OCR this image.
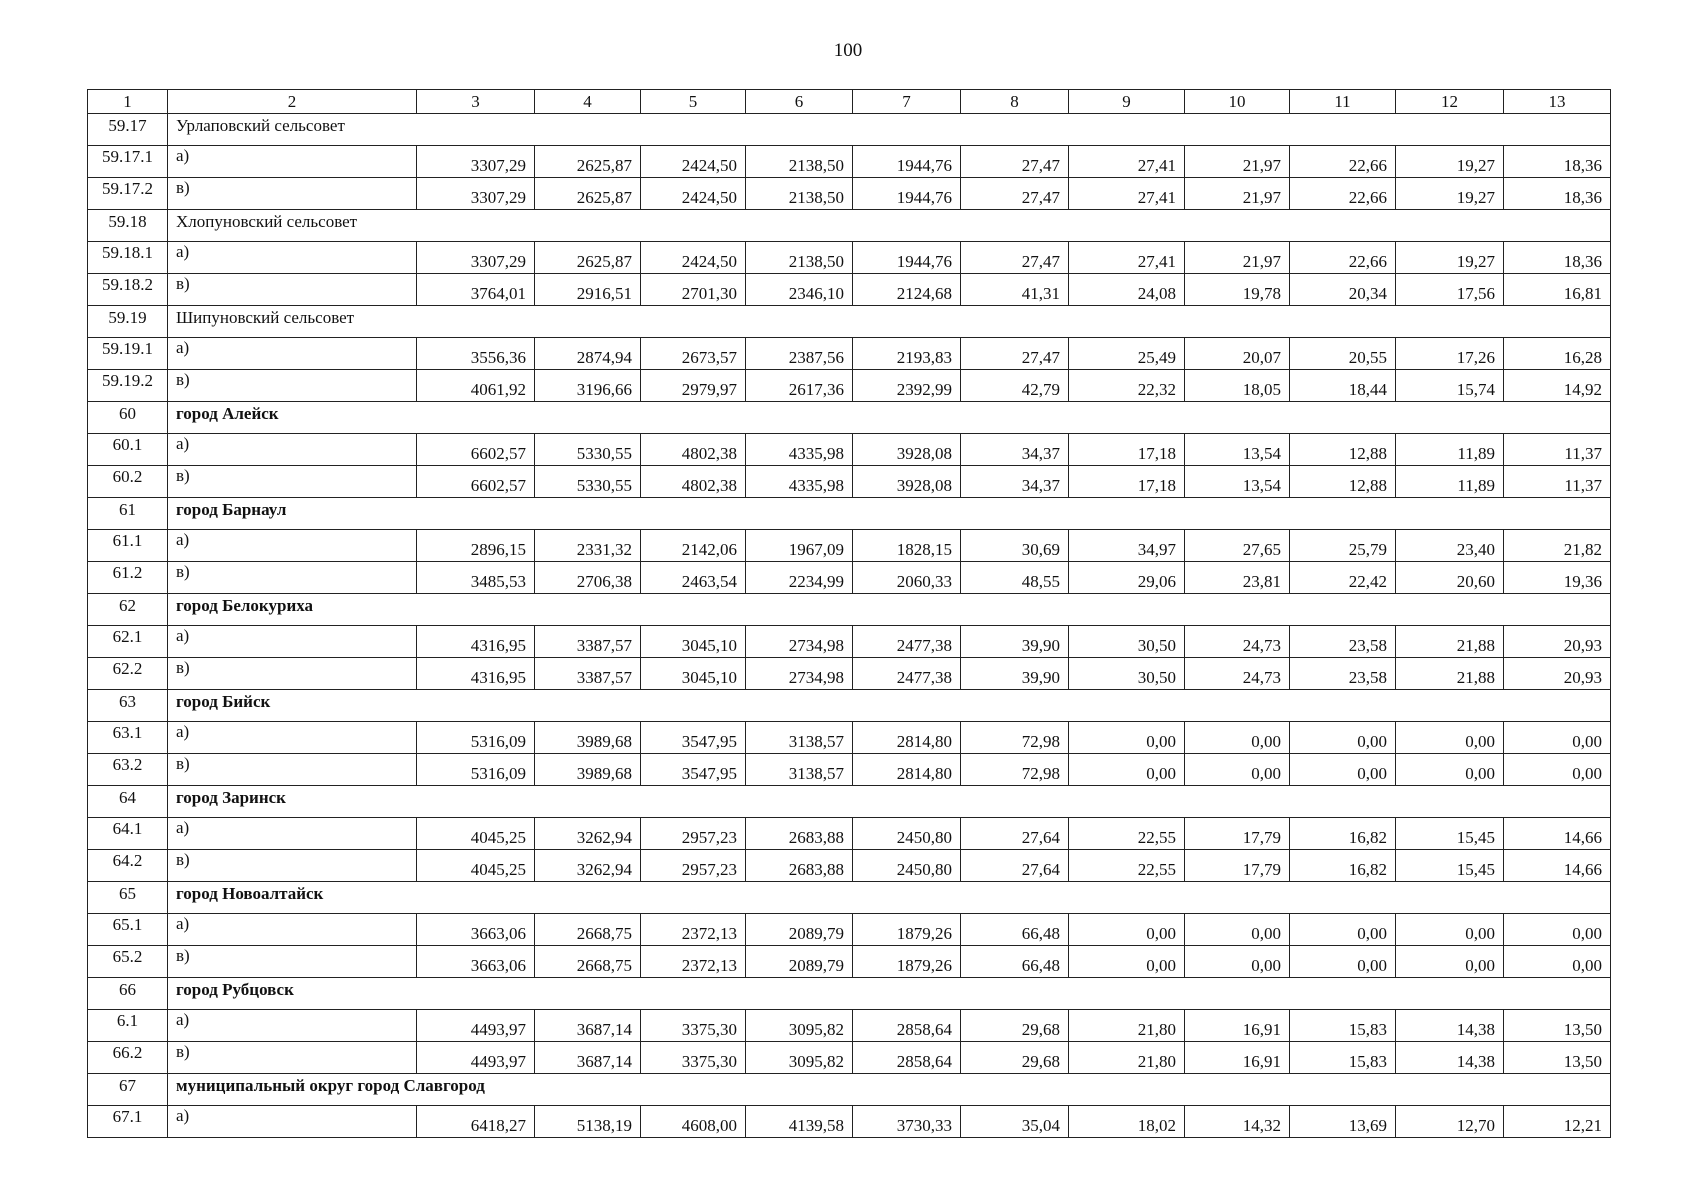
100
1	2	3	4	5	6	7	8	9	10	11	12	13
59.17	Урлаповский сельсовет											
59.17.1	а)	3307,29	2625,87	2424,50	2138,50	1944,76	27,47	27,41	21,97	22,66	19,27	18,36
59.17.2	в)	3307,29	2625,87	2424,50	2138,50	1944,76	27,47	27,41	21,97	22,66	19,27	18,36
59.18	Хлопуновский сельсовет											
59.18.1	а)	3307,29	2625,87	2424,50	2138,50	1944,76	27,47	27,41	21,97	22,66	19,27	18,36
59.18.2	в)	3764,01	2916,51	2701,30	2346,10	2124,68	41,31	24,08	19,78	20,34	17,56	16,81
59.19	Шипуновский сельсовет											
59.19.1	а)	3556,36	2874,94	2673,57	2387,56	2193,83	27,47	25,49	20,07	20,55	17,26	16,28
59.19.2	в)	4061,92	3196,66	2979,97	2617,36	2392,99	42,79	22,32	18,05	18,44	15,74	14,92
60	город Алейск											
60.1	а)	6602,57	5330,55	4802,38	4335,98	3928,08	34,37	17,18	13,54	12,88	11,89	11,37
60.2	в)	6602,57	5330,55	4802,38	4335,98	3928,08	34,37	17,18	13,54	12,88	11,89	11,37
61	город Барнаул											
61.1	а)	2896,15	2331,32	2142,06	1967,09	1828,15	30,69	34,97	27,65	25,79	23,40	21,82
61.2	в)	3485,53	2706,38	2463,54	2234,99	2060,33	48,55	29,06	23,81	22,42	20,60	19,36
62	город Белокуриха											
62.1	а)	4316,95	3387,57	3045,10	2734,98	2477,38	39,90	30,50	24,73	23,58	21,88	20,93
62.2	в)	4316,95	3387,57	3045,10	2734,98	2477,38	39,90	30,50	24,73	23,58	21,88	20,93
63	город Бийск											
63.1	а)	5316,09	3989,68	3547,95	3138,57	2814,80	72,98	0,00	0,00	0,00	0,00	0,00
63.2	в)	5316,09	3989,68	3547,95	3138,57	2814,80	72,98	0,00	0,00	0,00	0,00	0,00
64	город Заринск											
64.1	а)	4045,25	3262,94	2957,23	2683,88	2450,80	27,64	22,55	17,79	16,82	15,45	14,66
64.2	в)	4045,25	3262,94	2957,23	2683,88	2450,80	27,64	22,55	17,79	16,82	15,45	14,66
65	город Новоалтайск											
65.1	а)	3663,06	2668,75	2372,13	2089,79	1879,26	66,48	0,00	0,00	0,00	0,00	0,00
65.2	в)	3663,06	2668,75	2372,13	2089,79	1879,26	66,48	0,00	0,00	0,00	0,00	0,00
66	город Рубцовск											
6.1	а)	4493,97	3687,14	3375,30	3095,82	2858,64	29,68	21,80	16,91	15,83	14,38	13,50
66.2	в)	4493,97	3687,14	3375,30	3095,82	2858,64	29,68	21,80	16,91	15,83	14,38	13,50
67	муниципальный округ город Славгород											
67.1	а)	6418,27	5138,19	4608,00	4139,58	3730,33	35,04	18,02	14,32	13,69	12,70	12,21
